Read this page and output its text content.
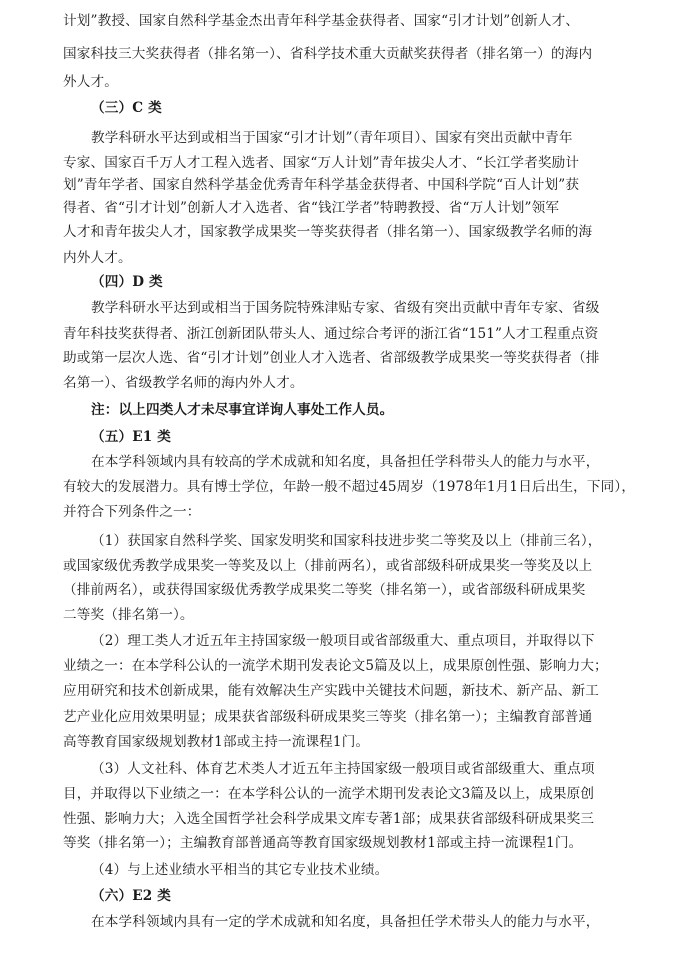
计划”教授、国家自然科学基金杰出青年科学基金获得者、国家“引才计划”创新人才、
国家科技三大奖获得者（排名第一）、省科学技术重大贡献奖获得者（排名第一）的海内
外人才。
（三）C 类
教学科研水平达到或相当于国家“引才计划”（青年项目）、国家有突出贡献中青年
专家、国家百千万人才工程入选者、国家“万人计划”青年拔尖人才、“长江学者奖励计
划”青年学者、国家自然科学基金优秀青年科学基金获得者、中国科学院“百人计划”获
得者、省“引才计划”创新人才入选者、省“钱江学者”特聘教授、省“万人计划”领军
人才和青年拔尖人才，国家教学成果奖一等奖获得者（排名第一）、国家级教学名师的海
内外人才。
（四）D 类
教学科研水平达到或相当于国务院特殊津贴专家、省级有突出贡献中青年专家、省级
青年科技奖获得者、浙江创新团队带头人、通过综合考评的浙江省“151”人才工程重点资
助或第一层次人选、省“引才计划”创业人才入选者、省部级教学成果奖一等奖获得者（排
名第一）、省级教学名师的海内外人才。
注：以上四类人才未尽事宜详询人事处工作人员。
（五）E1 类
在本学科领域内具有较高的学术成就和知名度，具备担任学科带头人的能力与水平，
有较大的发展潜力。具有博士学位，年龄一般不超过45周岁（1978年1月1日后出生，下同），
并符合下列条件之一：
（1）获国家自然科学奖、国家发明奖和国家科技进步奖二等奖及以上（排前三名），
或国家级优秀教学成果奖一等奖及以上（排前两名），或省部级科研成果奖一等奖及以上
（排前两名），或获得国家级优秀教学成果奖二等奖（排名第一），或省部级科研成果奖
二等奖（排名第一）。
（2）理工类人才近五年主持国家级一般项目或省部级重大、重点项目，并取得以下
业绩之一：在本学科公认的一流学术期刊发表论文5篇及以上，成果原创性强、影响力大；
应用研究和技术创新成果，能有效解决生产实践中关键技术问题，新技术、新产品、新工
艺产业化应用效果明显；成果获省部级科研成果奖三等奖（排名第一）；主编教育部普通
高等教育国家级规划教材1部或主持一流课程1门。
（3）人文社科、体育艺术类人才近五年主持国家级一般项目或省部级重大、重点项
目，并取得以下业绩之一：在本学科公认的一流学术期刊发表论文3篇及以上，成果原创
性强、影响力大；入选全国哲学社会科学成果文库专著1部；成果获省部级科研成果奖三
等奖（排名第一）；主编教育部普通高等教育国家级规划教材1部或主持一流课程1门。
（4）与上述业绩水平相当的其它专业技术业绩。
（六）E2 类
在本学科领域内具有一定的学术成就和知名度，具备担任学术带头人的能力与水平，
